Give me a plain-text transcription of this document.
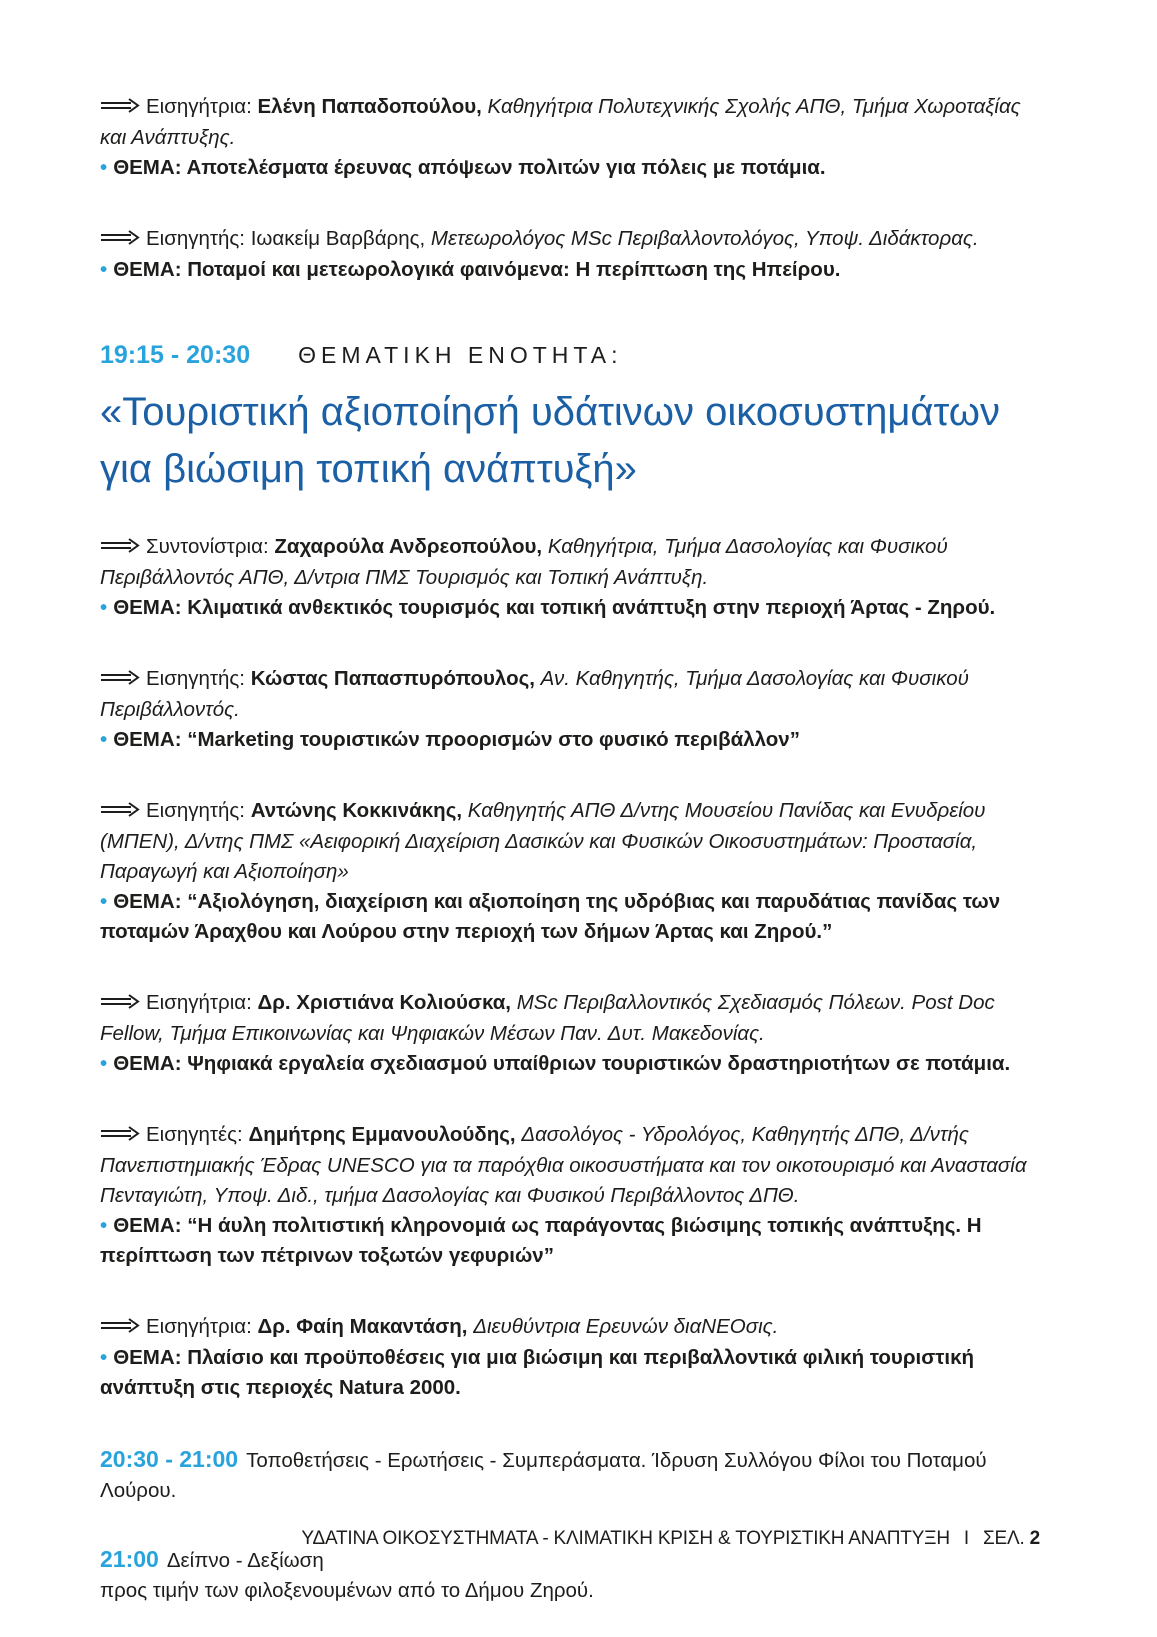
Εισηγήτρια: Ελένη Παπαδοπούλου, Καθηγήτρια Πολυτεχνικής Σχολής ΑΠΘ, Τμήμα Χωροταξίας και Ανάπτυξης.
• ΘΕΜΑ: Αποτελέσματα έρευνας απόψεων πολιτών για πόλεις με ποτάμια.
Εισηγητής: Ιωακείμ Βαρβάρης, Μετεωρολόγος MSc Περιβαλλοντολόγος, Υποψ. Διδάκτορας.
• ΘΕΜΑ: Ποταμοί και μετεωρολογικά φαινόμενα: Η περίπτωση της Ηπείρου.
19:15 - 20:30 ΘΕΜΑΤΙΚΗ ΕΝΟΤΗΤΑ:
«Τουριστική αξιοποίησή υδάτινων οικοσυστημάτων για βιώσιμη τοπική ανάπτυξή»
Συντονίστρια: Ζαχαρούλα Ανδρεοπούλου, Καθηγήτρια, Τμήμα Δασολογίας και Φυσικού Περιβάλλοντός ΑΠΘ, Δ/ντρια ΠΜΣ Τουρισμός και Τοπική Ανάπτυξη.
• ΘΕΜΑ: Κλιματικά ανθεκτικός τουρισμός και τοπική ανάπτυξη στην περιοχή Άρτας - Ζηρού.
Εισηγητής: Κώστας Παπασπυρόπουλος, Αν. Καθηγητής, Τμήμα Δασολογίας και Φυσικού Περιβάλλοντός.
• ΘΕΜΑ: “Marketing τουριστικών προορισμών στο φυσικό περιβάλλον”
Εισηγητής: Αντώνης Κοκκινάκης, Καθηγητής ΑΠΘ Δ/ντης Μουσείου Πανίδας και Ενυδρείου (ΜΠΕΝ), Δ/ντης ΠΜΣ «Αειφορική Διαχείριση Δασικών και Φυσικών Οικοσυστημάτων: Προστασία, Παραγωγή και Αξιοποίηση»
• ΘΕΜΑ: “Αξιολόγηση, διαχείριση και αξιοποίηση της υδρόβιας και παρυδάτιας πανίδας των ποταμών Άραχθου και Λούρου στην περιοχή των δήμων Άρτας και Ζηρού.”
Εισηγήτρια: Δρ. Χριστιάνα Κολιούσκα, MSc Περιβαλλοντικός Σχεδιασμός Πόλεων. Post Doc Fellow, Τμήμα Επικοινωνίας και Ψηφιακών Μέσων Παν. Δυτ. Μακεδονίας.
• ΘΕΜΑ: Ψηφιακά εργαλεία σχεδιασμού υπαίθριων τουριστικών δραστηριοτήτων σε ποτάμια.
Εισηγητές: Δημήτρης Εμμανουλούδης, Δασολόγος - Υδρολόγος, Καθηγητής ΔΠΘ, Δ/ντής Πανεπιστημιακής Έδρας UNESCO για τα παρόχθια οικοσυστήματα και τον οικοτουρισμό και Αναστασία Πενταγιώτη, Υποψ. Διδ., τμήμα Δασολογίας και Φυσικού Περιβάλλοντος ΔΠΘ.
• ΘΕΜΑ: “Η άυλη πολιτιστική κληρονομιά ως παράγοντας βιώσιμης τοπικής ανάπτυξης. Η περίπτωση των πέτρινων τοξωτών γεφυριών”
Εισηγήτρια: Δρ. Φαίη Μακαντάση, Διευθύντρια Ερευνών διαΝΕΟσις.
• ΘΕΜΑ: Πλαίσιο και προϋποθέσεις για μια βιώσιμη και περιβαλλοντικά φιλική τουριστική ανάπτυξη στις περιοχές Natura 2000.

20:30 - 21:00 Τοποθετήσεις - Ερωτήσεις - Συμπεράσματα. Ίδρυση Συλλόγου Φίλοι του Ποταμού Λούρου.

21:00 Δείπνο - Δεξίωση
προς τιμήν των φιλοξενουμένων από το Δήμου Ζηρού.

ΥΔΑΤΙΝΑ ΟΙΚΟΣΥΣΤΗΜΑΤΑ - ΚΛΙΜΑΤΙΚΗ ΚΡΙΣΗ & ΤΟΥΡΙΣΤΙΚΗ ΑΝΑΠΤΥΞΗ Ι ΣΕΛ. 2
